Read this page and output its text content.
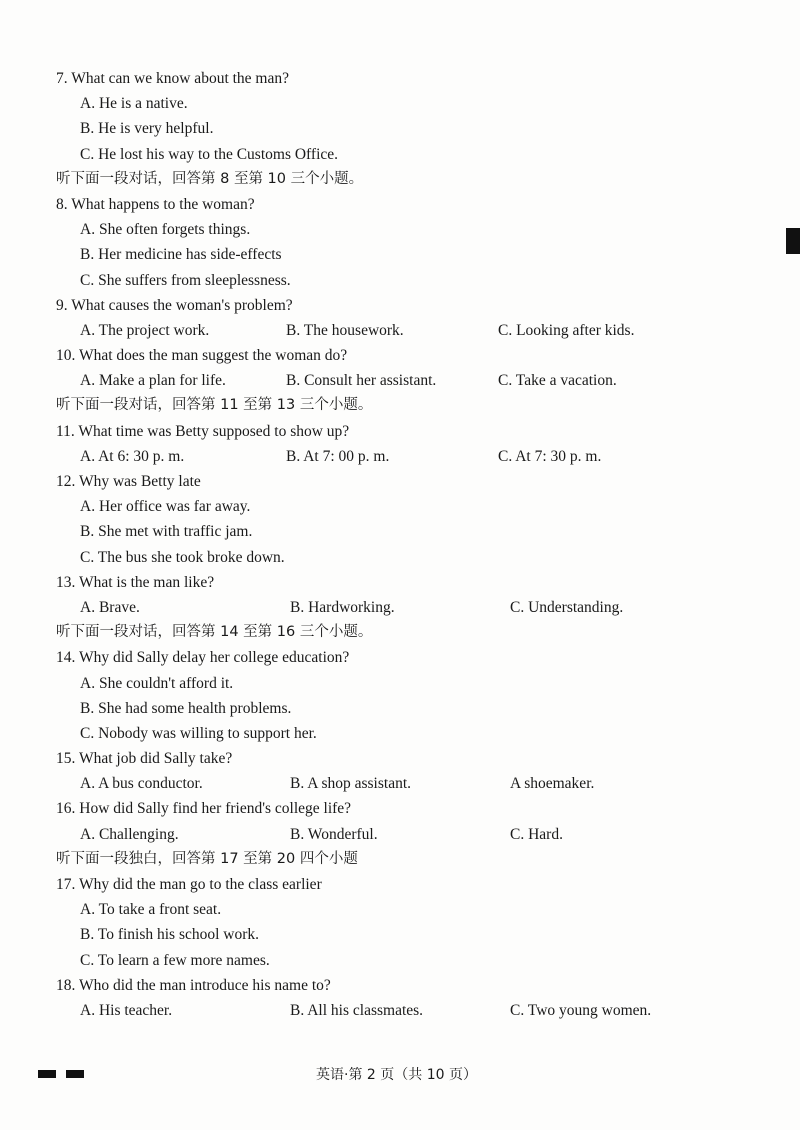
7. What can we know about the man?
A. He is a native.
B. He is very helpful.
C. He lost his way to the Customs Office.
听下面一段对话，回答第 8 至第 10 三个小题。
8. What happens to the woman?
A. She often forgets things.
B. Her medicine has side-effects
C. She suffers from sleeplessness.
9. What causes the woman's problem?
A. The project work.	B. The housework.	C. Looking after kids.
10. What does the man suggest the woman do?
A. Make a plan for life.	B. Consult her assistant.	C. Take a vacation.
听下面一段对话，回答第 11 至第 13 三个小题。
11. What time was Betty supposed to show up?
A. At 6: 30 p. m.	B. At 7: 00 p. m.	C. At 7: 30 p. m.
12. Why was Betty late
A. Her office was far away.
B. She met with traffic jam.
C. The bus she took broke down.
13. What is the man like?
A. Brave.	B. Hardworking.	C. Understanding.
听下面一段对话，回答第 14 至第 16 三个小题。
14. Why did Sally delay her college education?
A. She couldn't afford it.
B. She had some health problems.
C. Nobody was willing to support her.
15. What job did Sally take?
A. A bus conductor.	B. A shop assistant.	A shoemaker.
16. How did Sally find her friend's college life?
A. Challenging.	B. Wonderful.	C. Hard.
听下面一段独白，回答第 17 至第 20 四个小题
17. Why did the man go to the class earlier
A. To take a front seat.
B. To finish his school work.
C. To learn a few more names.
18. Who did the man introduce his name to?
A. His teacher.	B. All his classmates.	C. Two young women.
英语·第 2 页（共 10 页）
